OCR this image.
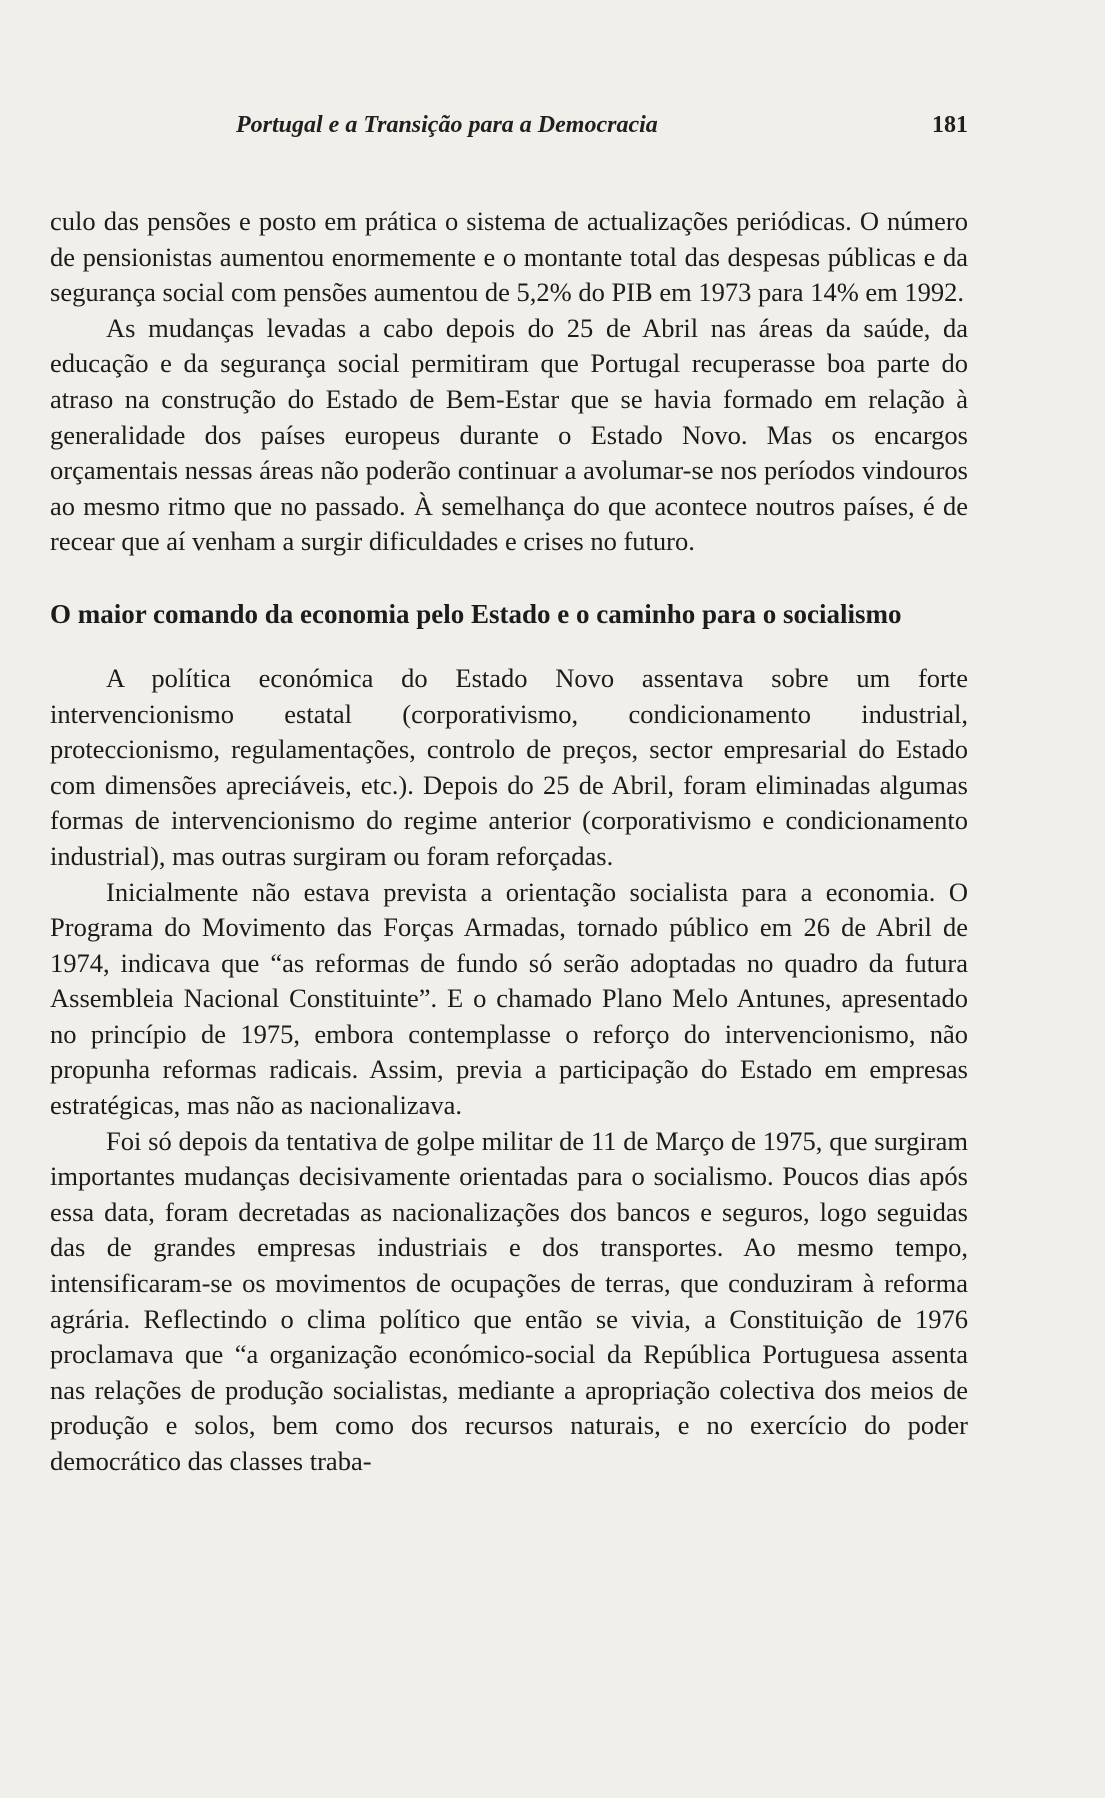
Portugal e a Transição para a Democracia	181

culo das pensões e posto em prática o sistema de actualizações periódicas. O número de pensionistas aumentou enormemente e o montante total das despesas públicas e da segurança social com pensões aumentou de 5,2% do PIB em 1973 para 14% em 1992.

As mudanças levadas a cabo depois do 25 de Abril nas áreas da saúde, da educação e da segurança social permitiram que Portugal recuperasse boa parte do atraso na construção do Estado de Bem-Estar que se havia formado em relação à generalidade dos países europeus durante o Estado Novo. Mas os encargos orçamentais nessas áreas não poderão continuar a avolumar-se nos períodos vindouros ao mesmo ritmo que no passado. À semelhança do que acontece noutros países, é de recear que aí venham a surgir dificuldades e crises no futuro.

O maior comando da economia pelo Estado e o caminho para o socialismo

A política económica do Estado Novo assentava sobre um forte intervencionismo estatal (corporativismo, condicionamento industrial, proteccionismo, regulamentações, controlo de preços, sector empresarial do Estado com dimensões apreciáveis, etc.). Depois do 25 de Abril, foram eliminadas algumas formas de intervencionismo do regime anterior (corporativismo e condicionamento industrial), mas outras surgiram ou foram reforçadas.

Inicialmente não estava prevista a orientação socialista para a economia. O Programa do Movimento das Forças Armadas, tornado público em 26 de Abril de 1974, indicava que “as reformas de fundo só serão adoptadas no quadro da futura Assembleia Nacional Constituinte”. E o chamado Plano Melo Antunes, apresentado no princípio de 1975, embora contemplasse o reforço do intervencionismo, não propunha reformas radicais. Assim, previa a participação do Estado em empresas estratégicas, mas não as nacionalizava.

Foi só depois da tentativa de golpe militar de 11 de Março de 1975, que surgiram importantes mudanças decisivamente orientadas para o socialismo. Poucos dias após essa data, foram decretadas as nacionalizações dos bancos e seguros, logo seguidas das de grandes empresas industriais e dos transportes. Ao mesmo tempo, intensificaram-se os movimentos de ocupações de terras, que conduziram à reforma agrária. Reflectindo o clima político que então se vivia, a Constituição de 1976 proclamava que “a organização económico-social da República Portuguesa assenta nas relações de produção socialistas, mediante a apropriação colectiva dos meios de produção e solos, bem como dos recursos naturais, e no exercício do poder democrático das classes traba-
